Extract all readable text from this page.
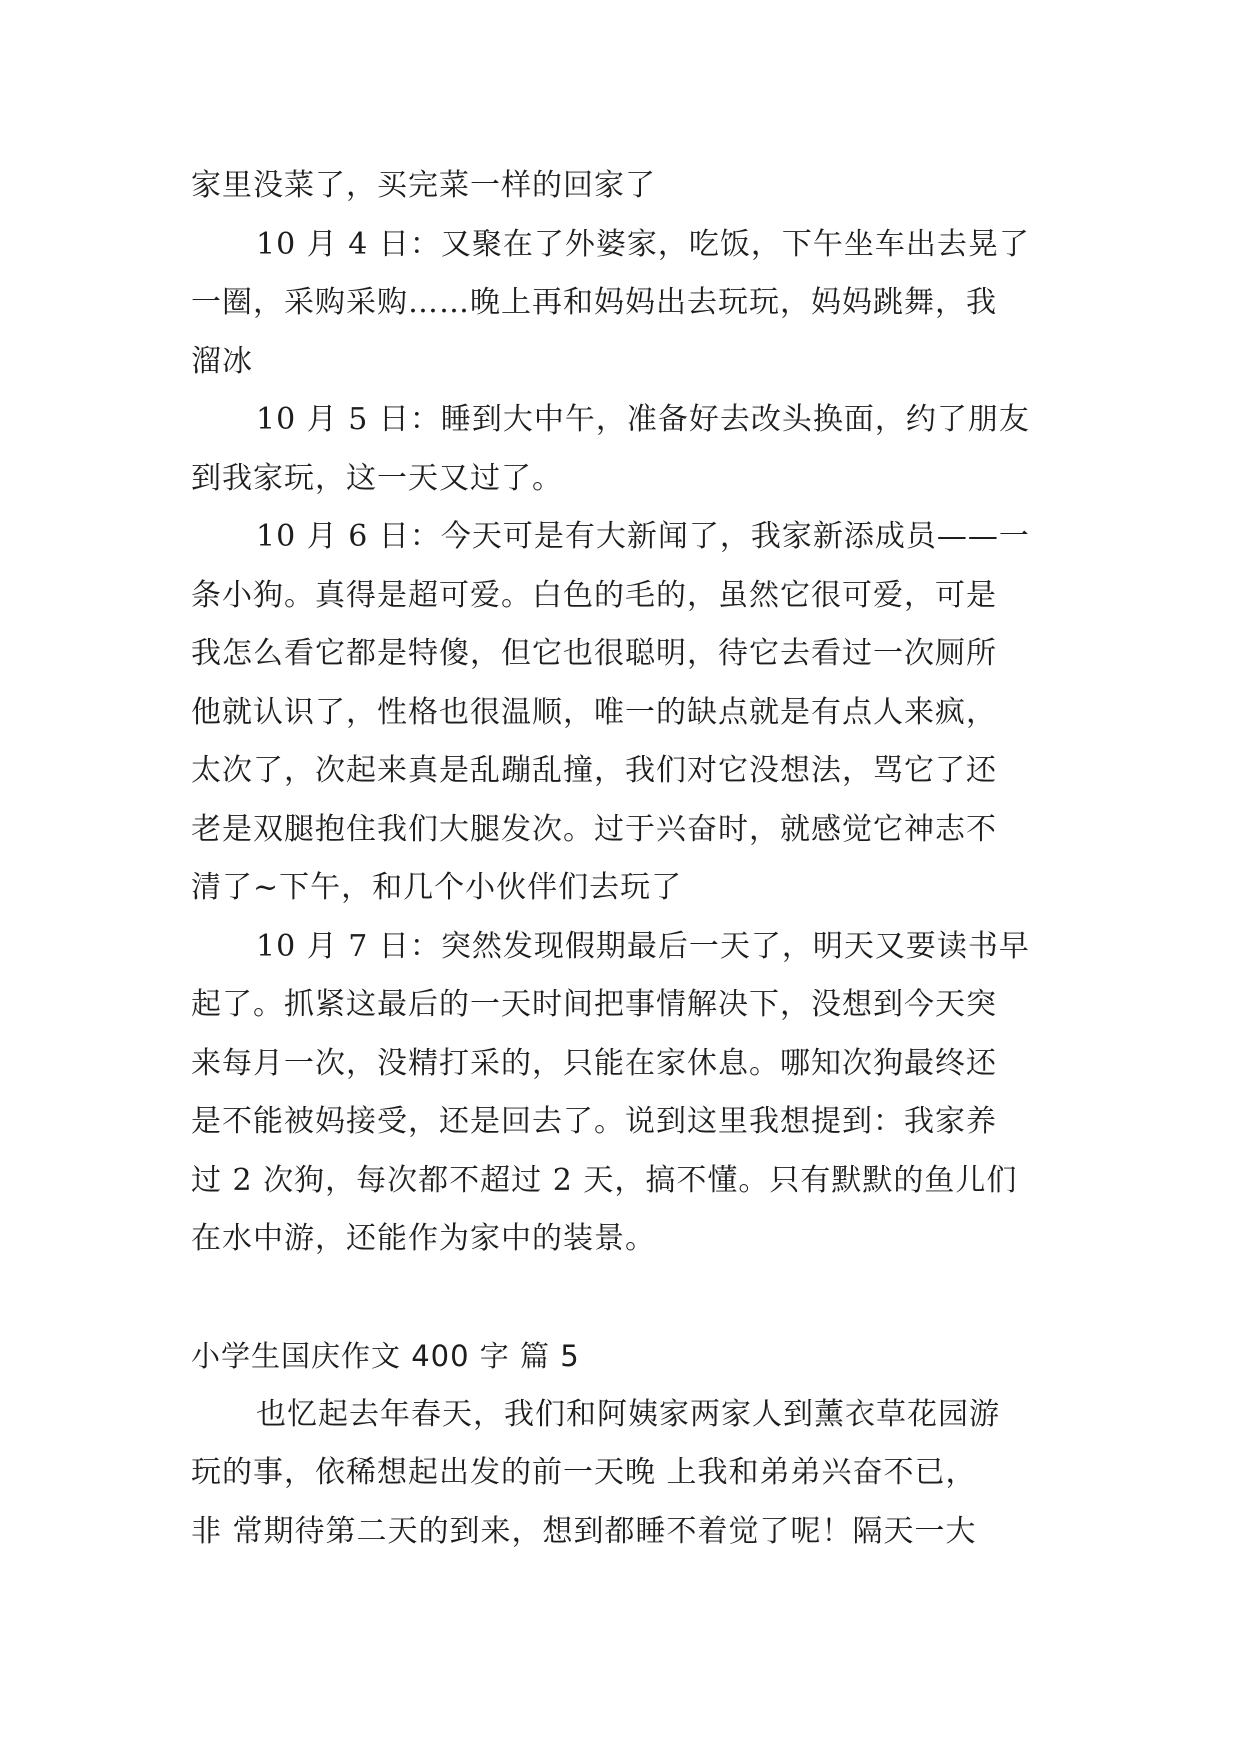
家里没菜了，买完菜一样的回家了
10 月 4 日：又聚在了外婆家，吃饭，下午坐车出去晃了
一圈，采购采购……晚上再和妈妈出去玩玩，妈妈跳舞，我
溜冰
10 月 5 日：睡到大中午，准备好去改头换面，约了朋友
到我家玩，这一天又过了。
10 月 6 日：今天可是有大新闻了，我家新添成员——一
条小狗。真得是超可爱。白色的毛的，虽然它很可爱，可是
我怎么看它都是特傻，但它也很聪明，待它去看过一次厕所
他就认识了，性格也很温顺，唯一的缺点就是有点人来疯，
太次了，次起来真是乱蹦乱撞，我们对它没想法，骂它了还
老是双腿抱住我们大腿发次。过于兴奋时，就感觉它神志不
清了~下午，和几个小伙伴们去玩了
10 月 7 日：突然发现假期最后一天了，明天又要读书早
起了。抓紧这最后的一天时间把事情解决下，没想到今天突
来每月一次，没精打采的，只能在家休息。哪知次狗最终还
是不能被妈接受，还是回去了。说到这里我想提到：我家养
过 2 次狗，每次都不超过 2 天，搞不懂。只有默默的鱼儿们
在水中游，还能作为家中的装景。
小学生国庆作文 400 字 篇 5
也忆起去年春天，我们和阿姨家两家人到薰衣草花园游
玩的事，依稀想起出发的前一天晚 上我和弟弟兴奋不已，
非 常期待第二天的到来，想到都睡不着觉了呢！隔天一大
